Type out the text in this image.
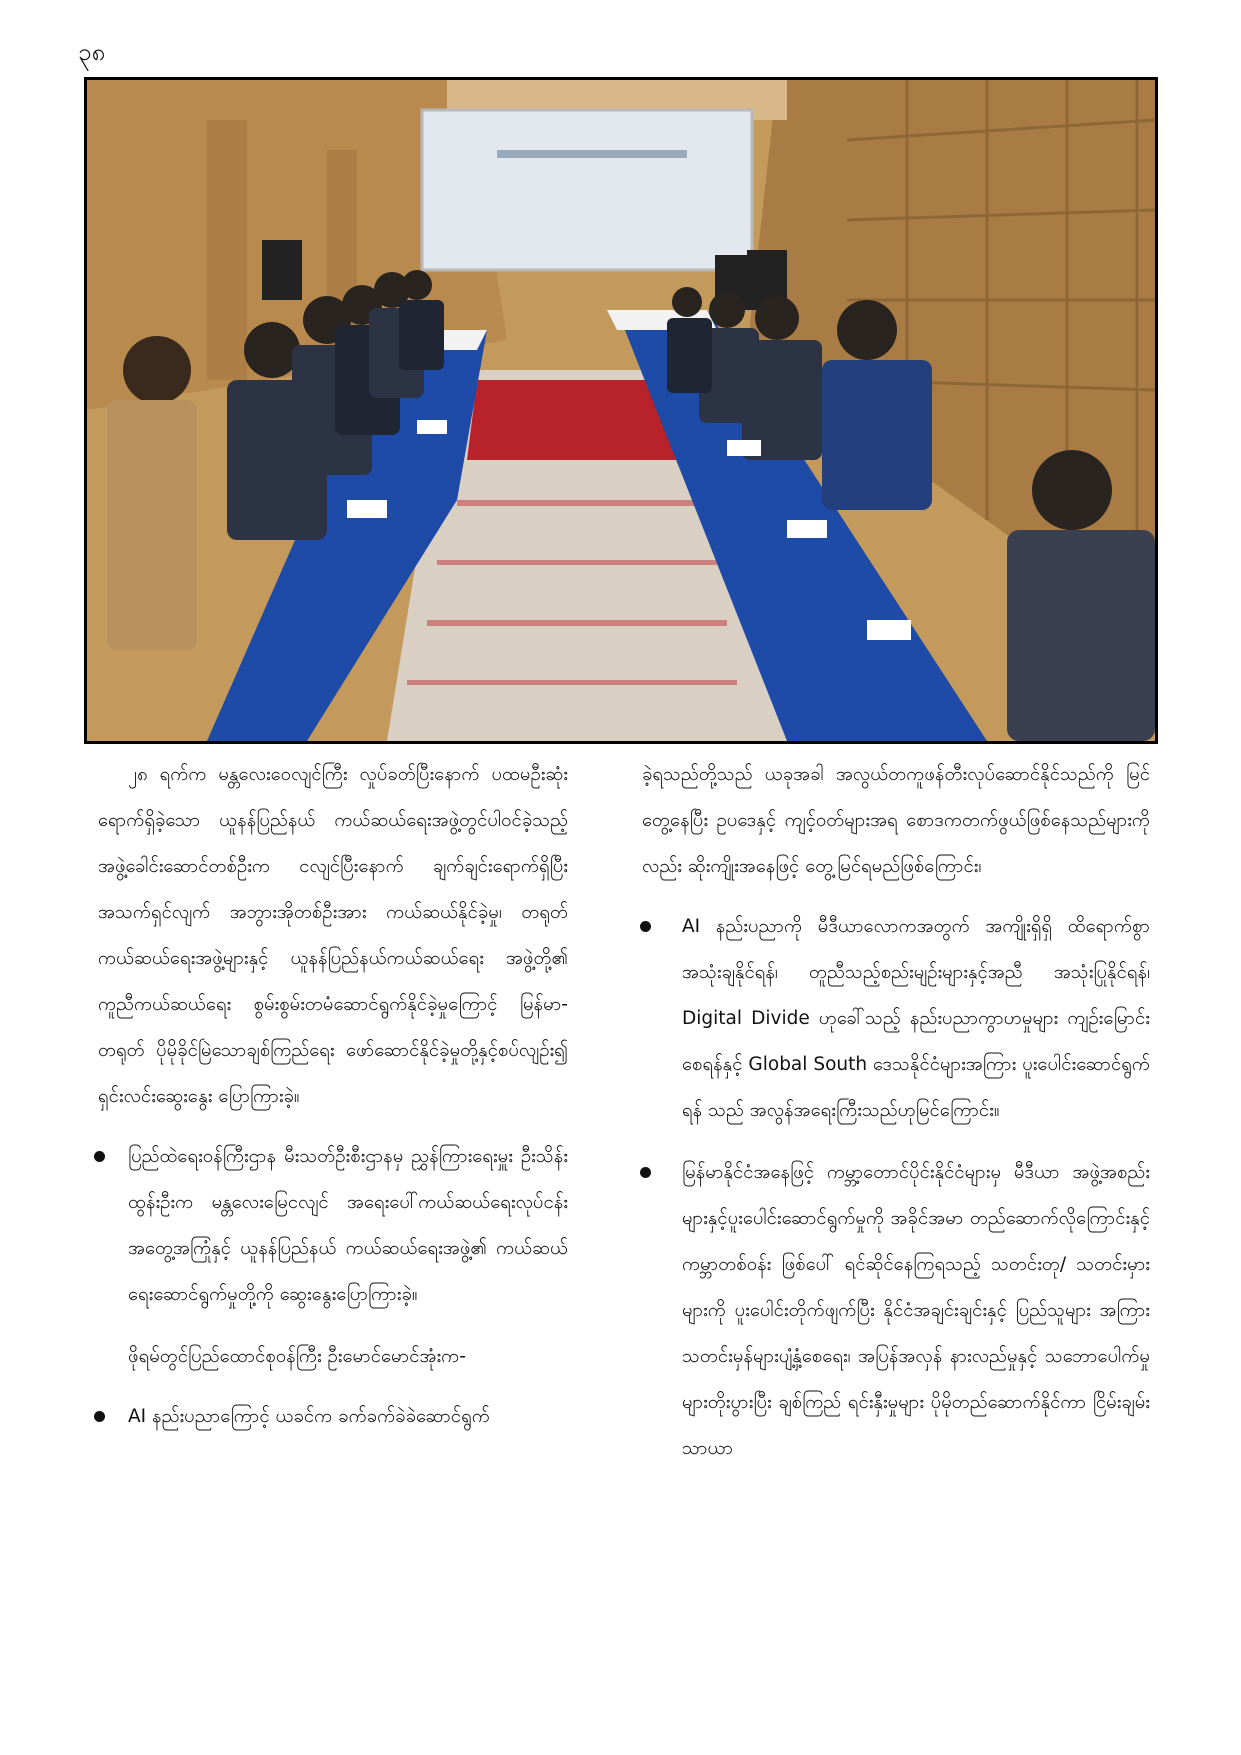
၃၈

၂၈ ရက်က မန္တလေးဝေလျင်ကြီး လှုပ်ခတ်ပြီးနောက် ပထမဦးဆုံးရောက်ရှိခဲ့သော ယူနန်ပြည်နယ် ကယ်ဆယ်ရေးအဖွဲ့တွင်ပါဝင်ခဲ့သည့် အဖွဲ့ခေါင်းဆောင်တစ်ဦးက ငလျင်ပြီးနောက် ချက်ချင်းရောက်ရှိပြီး အသက်ရှင်လျက် အဘွားအိုတစ်ဦးအား ကယ်ဆယ်နိုင်ခဲ့မှု၊ တရုတ်ကယ်ဆယ်ရေးအဖွဲ့များနှင့် ယူနန်ပြည်နယ်ကယ်ဆယ်ရေး အဖွဲ့တို့၏ ကူညီကယ်ဆယ်ရေး စွမ်းစွမ်းတမံဆောင်ရွက်နိုင်ခဲ့မှုကြောင့် မြန်မာ- တရုတ် ပိုမိုခိုင်မြဲသောချစ်ကြည်ရေး ဖော်ဆောင်နိုင်ခဲ့မှုတို့နှင့်စပ်လျဉ်း၍ ရှင်းလင်းဆွေးနွေး ပြောကြားခဲ့။

ပြည်ထဲရေးဝန်ကြီးဌာန မီးသတ်ဦးစီးဌာနမှ ညွှန်ကြားရေးမှူး ဦးသိန်းထွန်းဦးက မန္တလေးမြေငလျင် အရေးပေါ်ကယ်ဆယ်ရေးလုပ်ငန်းအတွေ့အကြုံနှင့် ယူနန်ပြည်နယ် ကယ်ဆယ်ရေးအဖွဲ့၏ ကယ်ဆယ်ရေးဆောင်ရွက်မှုတို့ကို ဆွေးနွေးပြောကြားခဲ့။

ဖိုရမ်တွင်ပြည်ထောင်စုဝန်ကြီး ဦးမောင်မောင်အုံးက-

AI နည်းပညာကြောင့် ယခင်က ခက်ခက်ခဲခဲဆောင်ရွက်

ခဲ့ရသည်တို့သည် ယခုအခါ အလွယ်တကူဖန်တီးလုပ်ဆောင်နိုင်သည်ကို မြင်တွေ့နေပြီး ဥပဒေနှင့် ကျင့်ဝတ်များအရ စောဒကတက်ဖွယ်ဖြစ်နေသည်များကိုလည်း ဆိုးကျိုးအနေဖြင့် တွေ့မြင်ရမည်ဖြစ်ကြောင်း၊

AI နည်းပညာကို မီဒီယာလောကအတွက် အကျိုးရှိရှိ ထိရောက်စွာအသုံးချနိုင်ရန်၊ တူညီသည့်စည်းမျဉ်းများနှင့်အညီ အသုံးပြုနိုင်ရန်၊ Digital Divide ဟုခေါ်သည့် နည်းပညာကွာဟမှုများ ကျဉ်းမြောင်းစေရန်နှင့် Global South ဒေသနိုင်ငံများအကြား ပူးပေါင်းဆောင်ရွက်ရန် သည် အလွန်အရေးကြီးသည်ဟုမြင်ကြောင်း။
မြန်မာနိုင်ငံအနေဖြင့် ကမ္ဘာ့တောင်ပိုင်းနိုင်ငံများမှ မီဒီယာ အဖွဲ့အစည်းများနှင့်ပူးပေါင်းဆောင်ရွက်မှုကို အခိုင်အမာ တည်ဆောက်လိုကြောင်းနှင့် ကမ္ဘာတစ်ဝန်း ဖြစ်ပေါ် ရင်ဆိုင်နေကြရသည့် သတင်းတု/ သတင်းမှားများကို ပူးပေါင်းတိုက်ဖျက်ပြီး နိုင်ငံအချင်းချင်းနှင့် ပြည်သူများ အကြား သတင်းမှန်များပျံ့နှံ့စေရေး၊ အပြန်အလှန် နားလည်မှုနှင့် သဘောပေါက်မှုများတိုးပွားပြီး ချစ်ကြည် ရင်းနှီးမှုများ ပိုမိုတည်ဆောက်နိုင်ကာ ငြိမ်းချမ်းသာယာ
